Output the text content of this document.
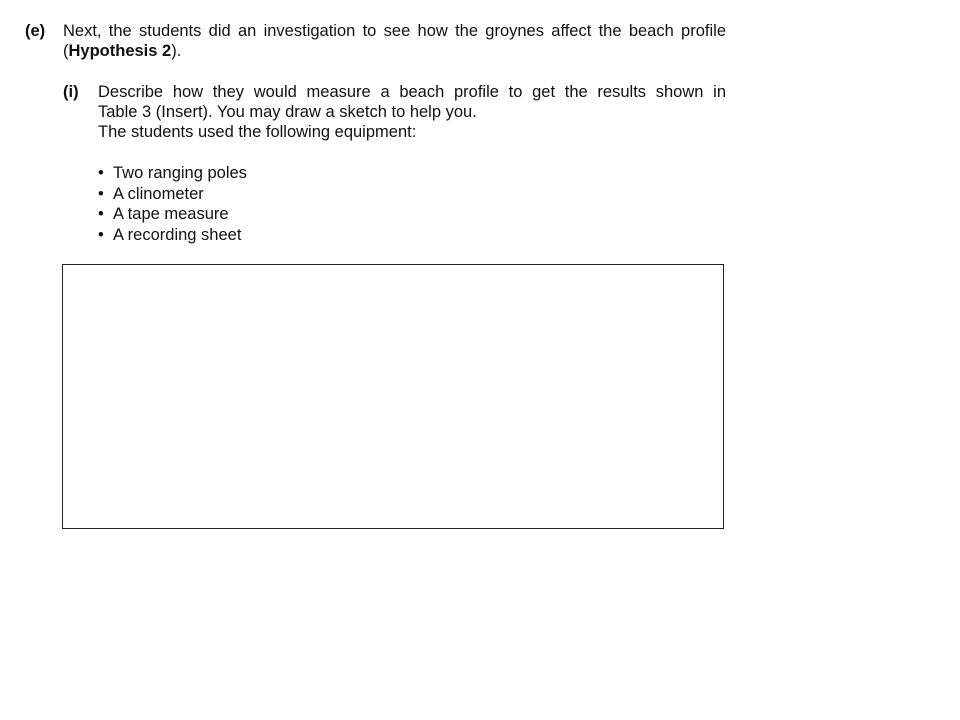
(e) Next, the students did an investigation to see how the groynes affect the beach profile
(Hypothesis 2).
(i) Describe how they would measure a beach profile to get the results shown in
Table 3 (Insert). You may draw a sketch to help you.
The students used the following equipment:
• Two ranging poles
• A clinometer
• A tape measure
• A recording sheet
